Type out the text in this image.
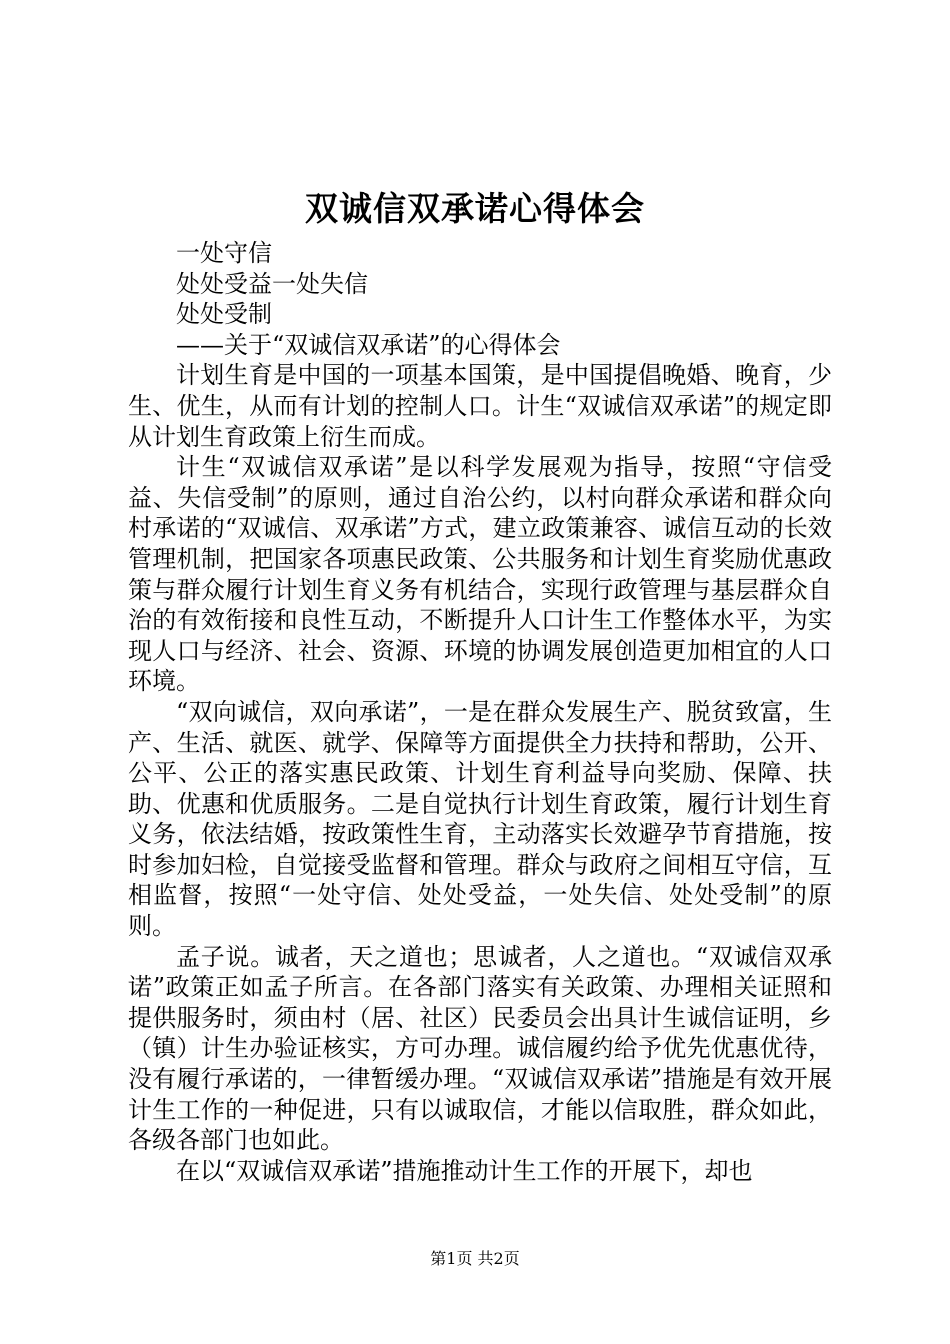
双诚信双承诺心得体会

一处守信

处处受益一处失信

处处受制

——关于“双诚信双承诺”的心得体会

计划生育是中国的一项基本国策，是中国提倡晚婚、晚育，少生、优生，从而有计划的控制人口。计生“双诚信双承诺”的规定即从计划生育政策上衍生而成。

计生“双诚信双承诺”是以科学发展观为指导，按照“守信受益、失信受制”的原则，通过自治公约，以村向群众承诺和群众向村承诺的“双诚信、双承诺”方式，建立政策兼容、诚信互动的长效管理机制，把国家各项惠民政策、公共服务和计划生育奖励优惠政策与群众履行计划生育义务有机结合，实现行政管理与基层群众自治的有效衔接和良性互动，不断提升人口计生工作整体水平，为实现人口与经济、社会、资源、环境的协调发展创造更加相宜的人口环境。

“双向诚信，双向承诺”，一是在群众发展生产、脱贫致富，生产、生活、就医、就学、保障等方面提供全力扶持和帮助，公开、公平、公正的落实惠民政策、计划生育利益导向奖励、保障、扶助、优惠和优质服务。二是自觉执行计划生育政策，履行计划生育义务，依法结婚，按政策性生育，主动落实长效避孕节育措施，按时参加妇检，自觉接受监督和管理。群众与政府之间相互守信，互相监督，按照“一处守信、处处受益，一处失信、处处受制”的原则。

孟子说。诚者，天之道也；思诚者，人之道也。“双诚信双承诺”政策正如孟子所言。在各部门落实有关政策、办理相关证照和提供服务时，须由村（居、社区）民委员会出具计生诚信证明，乡（镇）计生办验证核实，方可办理。诚信履约给予优先优惠优待，没有履行承诺的，一律暂缓办理。“双诚信双承诺”措施是有效开展计生工作的一种促进，只有以诚取信，才能以信取胜，群众如此，各级各部门也如此。

在以“双诚信双承诺”措施推动计生工作的开展下，却也

第1页 共2页
